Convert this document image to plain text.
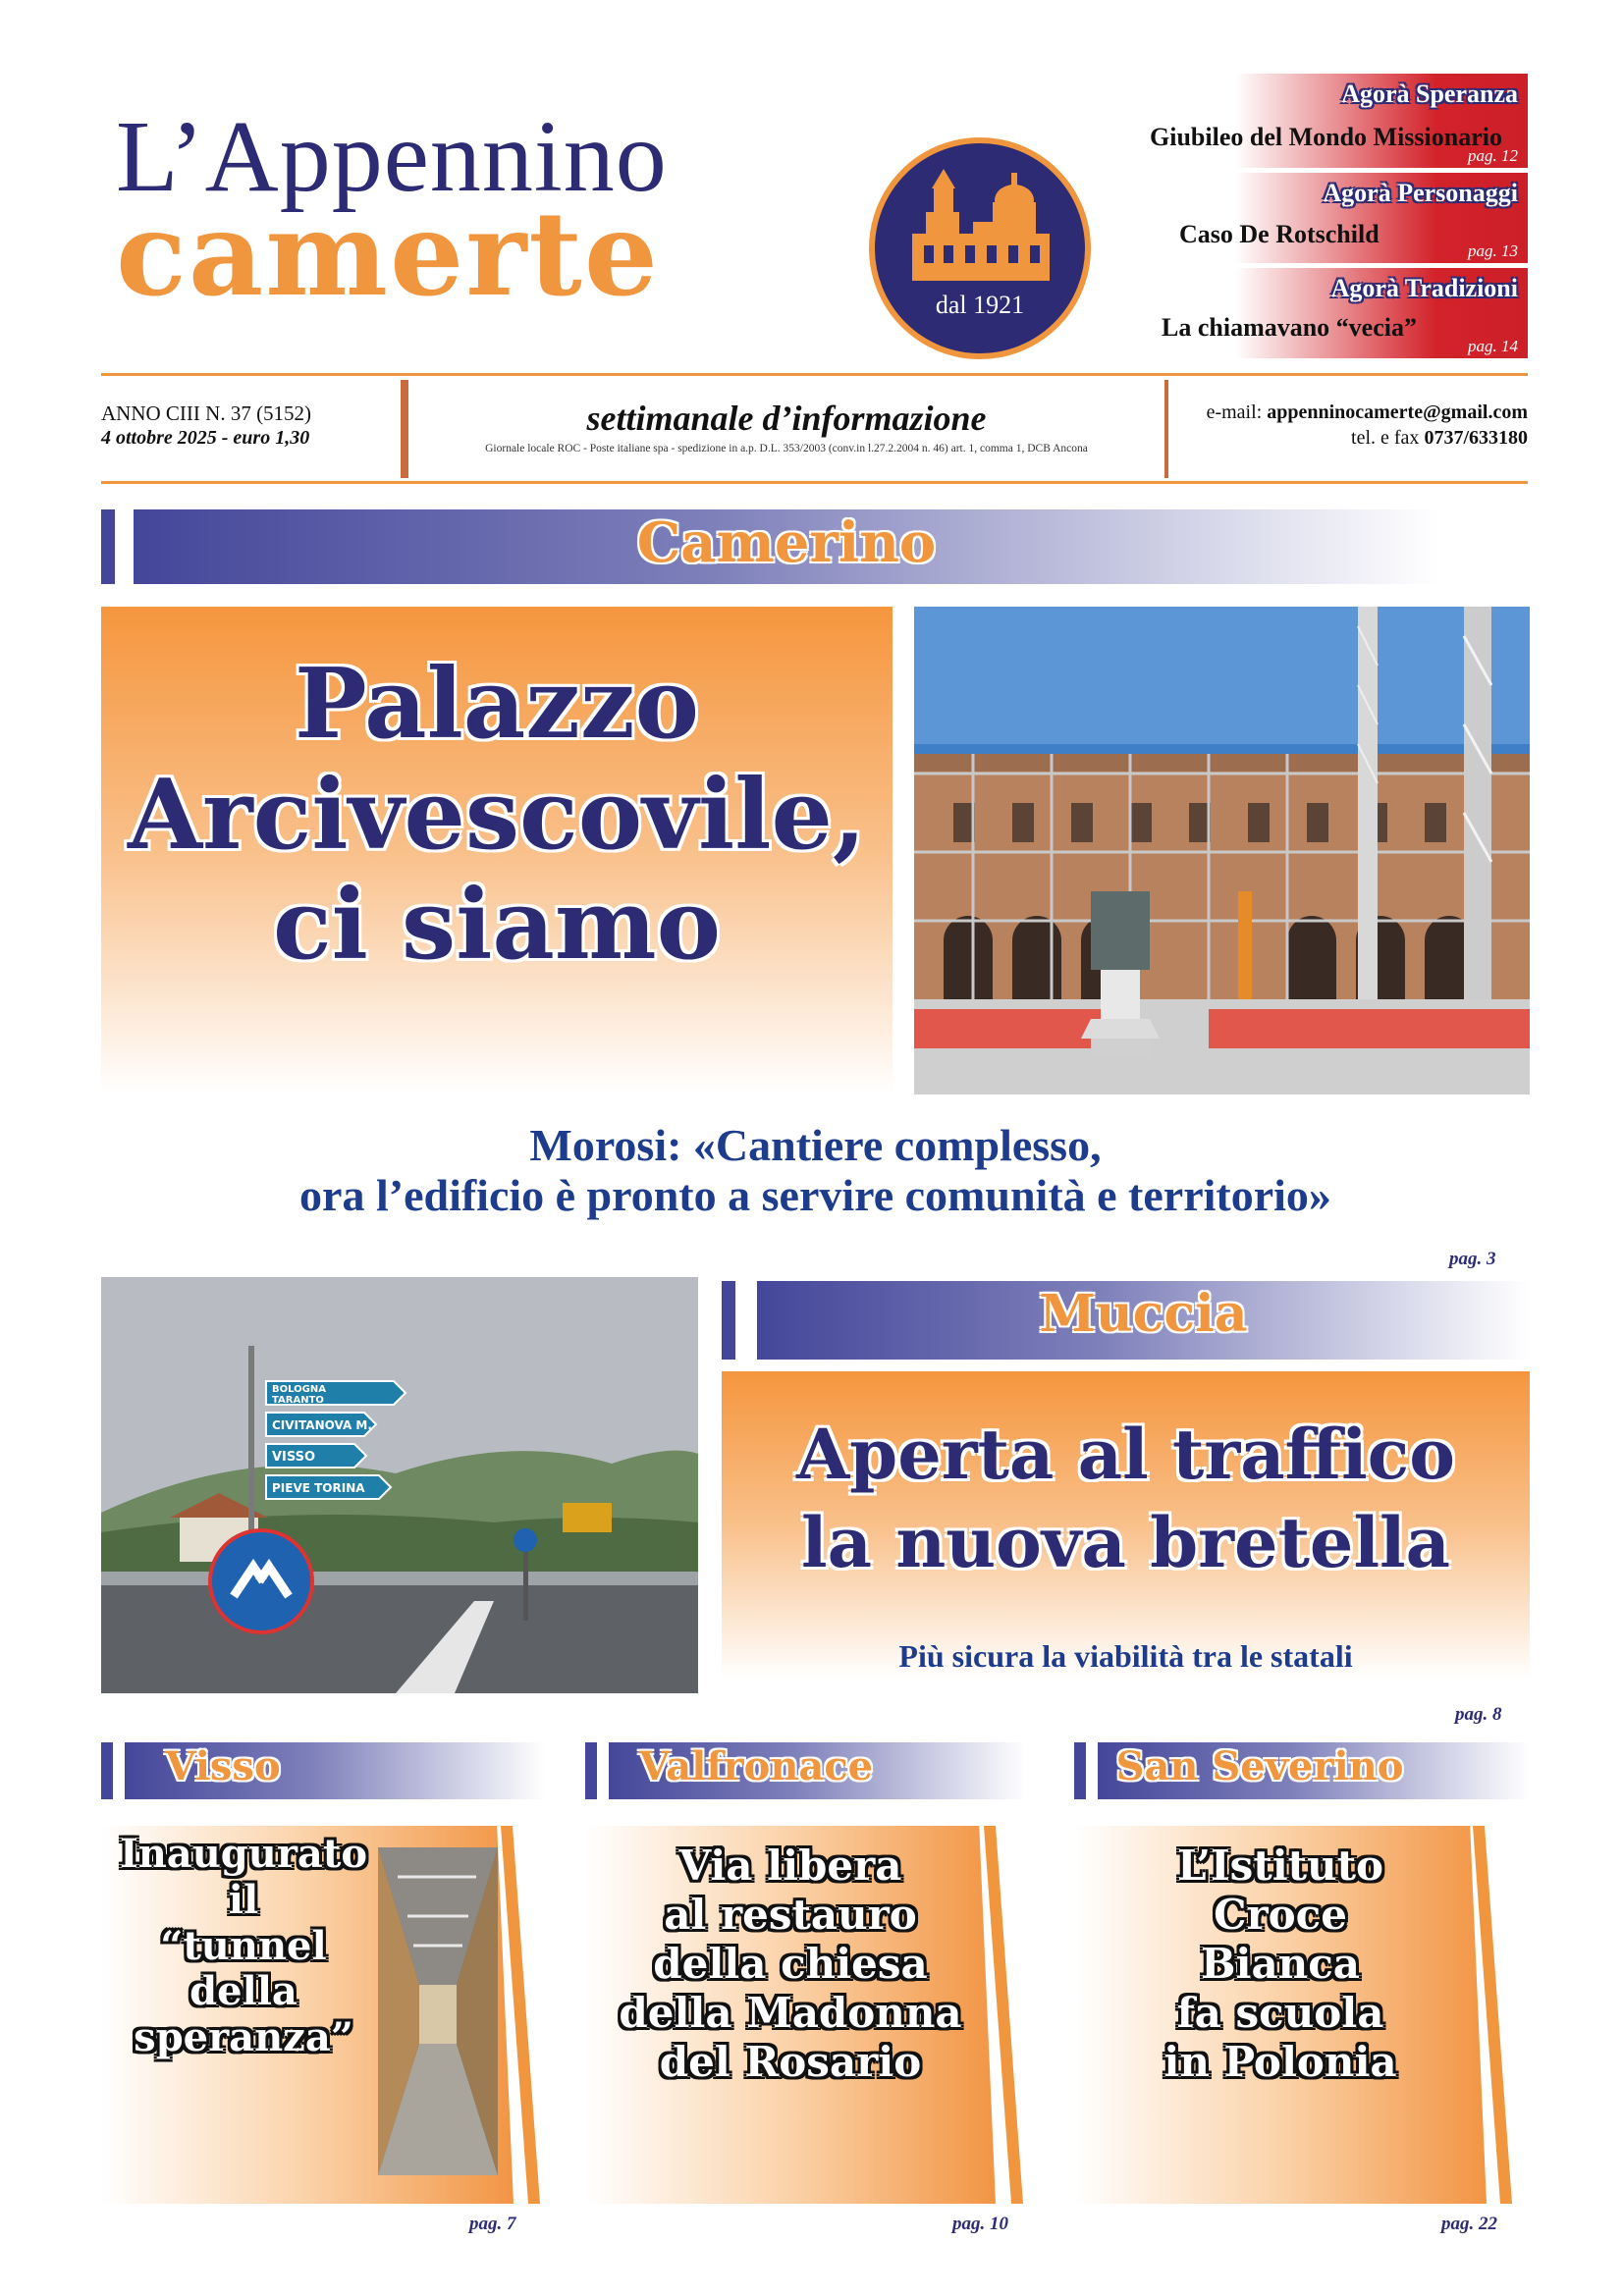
L’Appennino
camerte	dal 1921
Agorà Speranza
Giubileo del Mondo Missionario
pag. 12
Agorà Personaggi
Caso De Rotschild
pag. 13
Agorà Tradizioni
La chiamavano “vecia”
pag. 14
ANNO CIII N. 37 (5152)
4 ottobre 2025 - euro 1,30	settimanale d’informazione
Giornale locale ROC - Poste italiane spa - spedizione in a.p. D.L. 353/2003 (conv.in l.27.2.2004 n. 46) art. 1, comma 1, DCB Ancona
e-mail: appenninocamerte@gmail.com
tel. e fax 0737/633180
Camerino
Palazzo
Arcivescovile,
ci siamo
Morosi: «Cantiere complesso,
ora l’edificio è pronto a servire comunità e territorio»
pag. 3
BOLOGNA
TARANTO
CIVITANOVA M.
VISSO
PIEVE TORINA
Muccia
Aperta al traffico
la nuova bretella
Più sicura la viabilità tra le statali
pag. 8
Visso
Inaugurato
il
“tunnel
della
speranza”
pag. 7
Valfronace
Via libera
al restauro
della chiesa
della Madonna
del Rosario
pag. 10
San Severino
L’Istituto
Croce
Bianca
fa scuola
in Polonia
pag. 22
